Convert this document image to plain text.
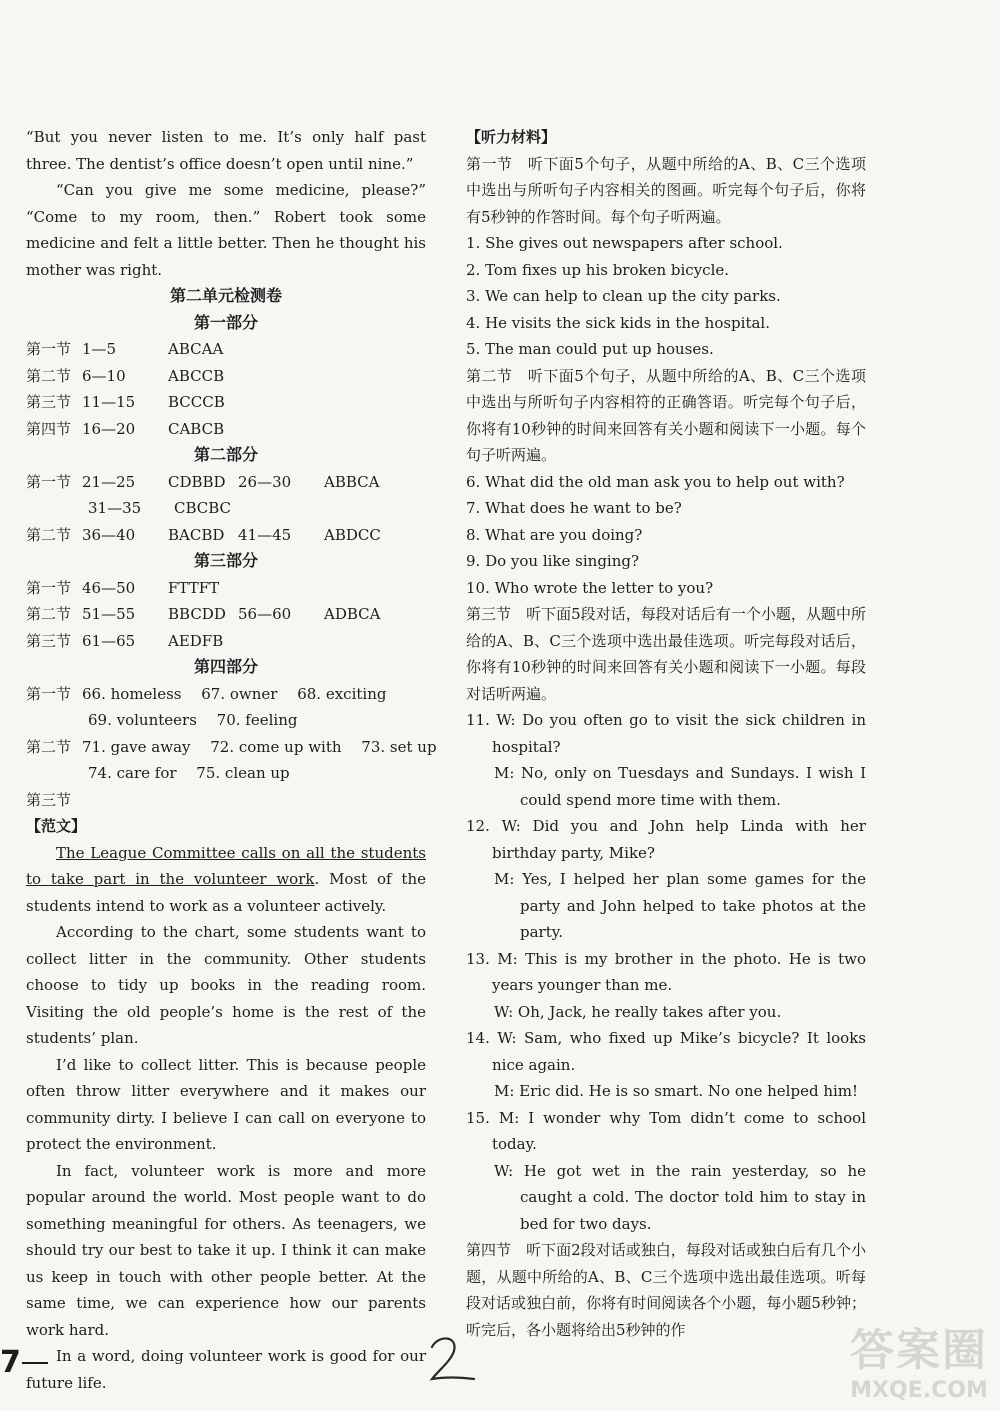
“But you never listen to me. It’s only half past three. The dentist’s office doesn’t open until nine.”

“Can you give me some medicine, please?” “Come to my room, then.” Robert took some medicine and felt a little better. Then he thought his mother was right.

第二单元检测卷

第一部分

第一节 1—5	ABCAA
第二节 6—10	ABCCB
第三节 11—15 BCCCB
第四节 16—20 CABCB

第二部分

第一节 21—25 CDBBD 26—30 ABBCA
31—35 CBCBC
第二节 36—40 BACBD 41—45 ABDCC

第三部分

第一节 46—50 FTTFT
第二节 51—55 BBCDD 56—60 ADBCA
第三节 61—65 AEDFB

第四部分

第一节 66. homeless  67. owner  68. exciting
69. volunteers  70. feeling
第二节 71. gave away  72. come up with  73. set up
74. care for  75. clean up
第三节

【范文】

The League Committee calls on all the students to take part in the volunteer work. Most of the students intend to work as a volunteer actively.

According to the chart, some students want to collect litter in the community. Other students choose to tidy up books in the reading room. Visiting the old people’s home is the rest of the students’ plan.

I’d like to collect litter. This is because people often throw litter everywhere and it makes our community dirty. I believe I can call on everyone to protect the environment.

In fact, volunteer work is more and more popular around the world. Most people want to do something meaningful for others. As teenagers, we should try our best to take it up. I think it can make us keep in touch with other people better. At the same time, we can experience how our parents work hard.

In a word, doing volunteer work is good for our future life.

【听力材料】

第一节 听下面5个句子，从题中所给的A、B、C三个选项中选出与所听句子内容相关的图画。听完每个句子后，你将有5秒钟的作答时间。每个句子听两遍。

1. She gives out newspapers after school.

2. Tom fixes up his broken bicycle.

3. We can help to clean up the city parks.

4. He visits the sick kids in the hospital.

5. The man could put up houses.

第二节 听下面5个句子，从题中所给的A、B、C三个选项中选出与所听句子内容相符的正确答语。听完每个句子后，你将有10秒钟的时间来回答有关小题和阅读下一小题。每个句子听两遍。

6. What did the old man ask you to help out with?

7. What does he want to be?

8. What are you doing?

9. Do you like singing?

10. Who wrote the letter to you?

第三节 听下面5段对话，每段对话后有一个小题，从题中所给的A、B、C三个选项中选出最佳选项。听完每段对话后，你将有10秒钟的时间来回答有关小题和阅读下一小题。每段对话听两遍。

11. W: Do you often go to visit the sick children in hospital?

M: No, only on Tuesdays and Sundays. I wish I could spend more time with them.

12. W: Did you and John help Linda with her birthday party, Mike?

M: Yes, I helped her plan some games for the party and John helped to take photos at the party.

13. M: This is my brother in the photo. He is two years younger than me.

W: Oh, Jack, he really takes after you.

14. W: Sam, who fixed up Mike’s bicycle? It looks nice again.

M: Eric did. He is so smart. No one helped him!

15. M: I wonder why Tom didn’t come to school today.

W: He got wet in the rain yesterday, so he caught a cold. The doctor told him to stay in bed for two days.

第四节 听下面2段对话或独白，每段对话或独白后有几个小题，从题中所给的A、B、C三个选项中选出最佳选项。听每段对话或独白前，你将有时间阅读各个小题，每小题5秒钟；听完后，各小题将给出5秒钟的作

7	答案圈
MXQE.COM
